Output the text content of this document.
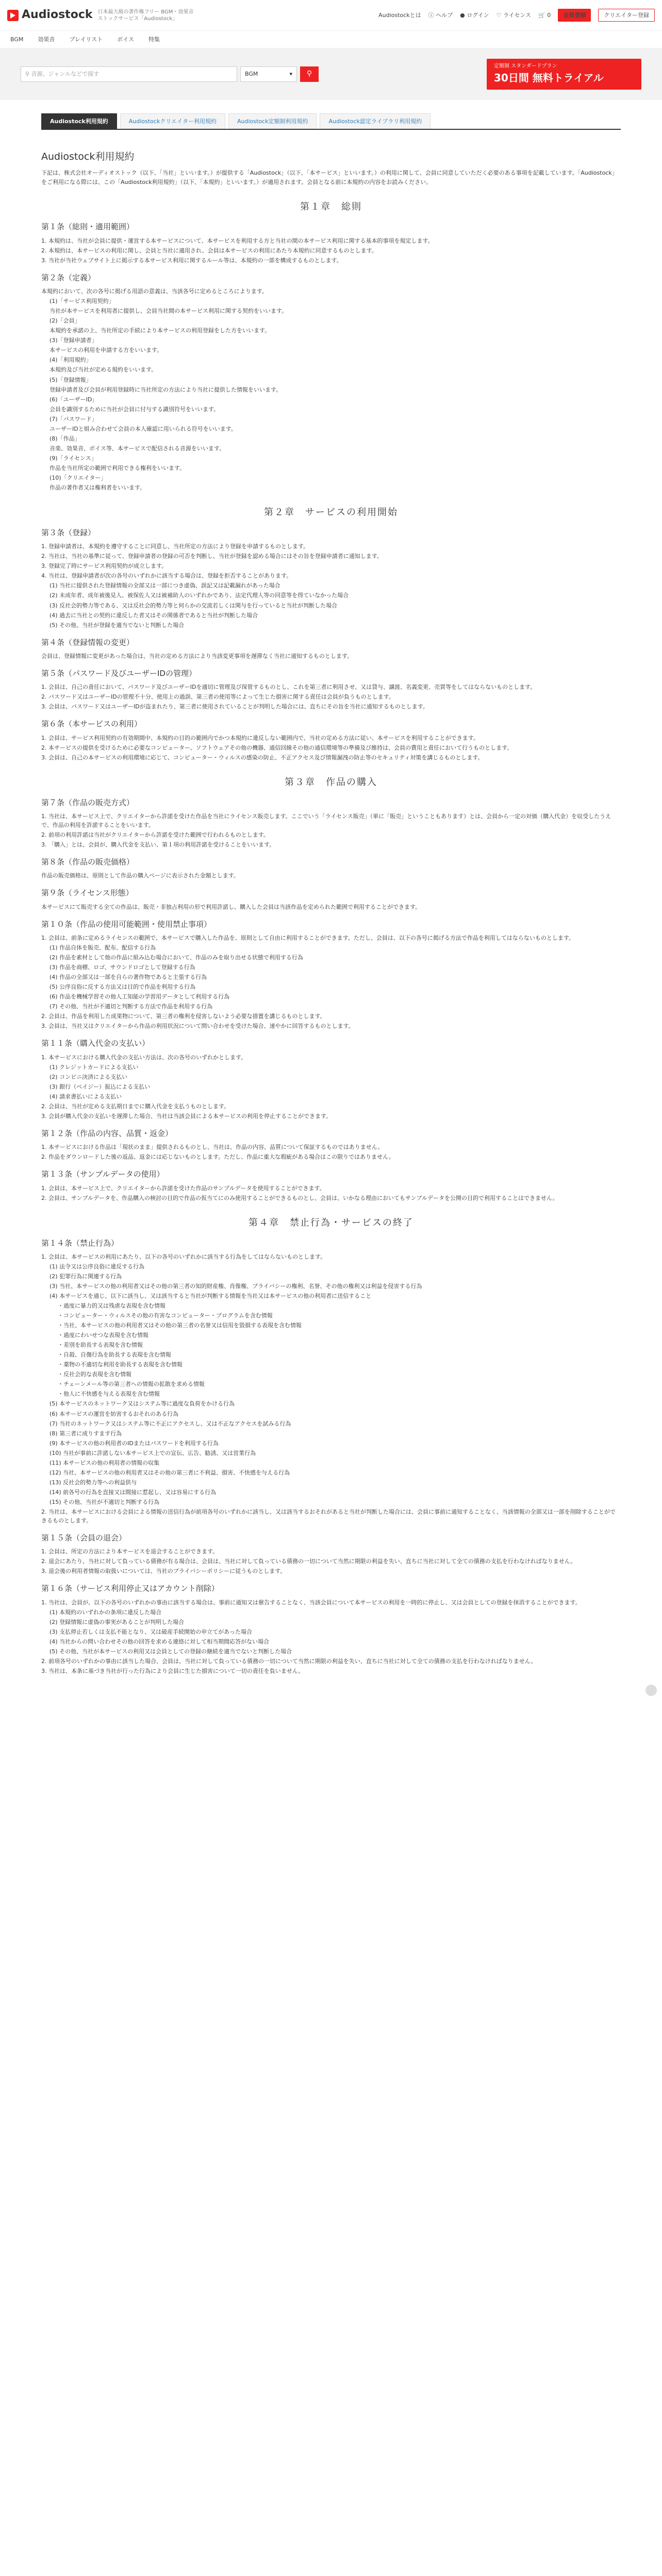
Audiostock 日本最大級の著作権フリー BGM・効果音
ストックサービス「Audiostock」
Audiostockとは ⓘ ヘルプ ● ログイン ♡ ライセンス 🛒 0	会員登録	クリエイター登録
BGM	効果音	プレイリスト	ボイス	特集
⚲ 音源、ジャンルなどで探す	BGM	▾ ⚲
定額制 スタンダードプラン
30日間 無料トライアル
Audiostock利用規約	Audiostockクリエイター利用規約	Audiostock定額制利用規約	Audiostock認定ライブラリ利用規約
Audiostock利用規約
下記は、株式会社オーディオストック（以下、「当社」といいます。）が提供する「Audiostock」（以下、「本サービス」といいます。）の利用に関して、会員に同意していただく必要のある事項を記載しています。「Audiostock」をご利用になる際には、この「Audiostock利用規約」（以下、「本規約」といいます。）が適用されます。会員となる前に本規約の内容をお読みください。
第１章　総則
第１条（総則・適用範囲）
1. 本規約は、当社が会員に提供・運営する本サービスについて、本サービスを利用する方と当社の間の本サービス利用に関する基本的事項を規定します。
2. 本規約は、本サービスの利用に関し、会員と当社に適用され、会員は本サービスの利用にあたり本規約に同意するものとします。
3. 当社が当社ウェブサイト上に掲示する本サービス利用に関するルール等は、本規約の一部を構成するものとします。
第２条（定義）
本規約において、次の各号に掲げる用語の意義は、当該各号に定めるところによります。
(1)「サービス利用契約」
当社が本サービスを利用者に提供し、会員当社間の本サービス利用に関する契約をいいます。
(2)「会員」
本規約を承諾の上、当社所定の手続により本サービスの利用登録をした方をいいます。
(3)「登録申請者」
本サービスの利用を申請する方をいいます。
(4)「利用規約」
本規約及び当社が定める規約をいいます。
(5)「登録情報」
登録申請者及び会員が利用登録時に当社所定の方法により当社に提供した情報をいいます。
(6)「ユーザーID」
会員を識別するために当社が会員に付与する識別符号をいいます。
(7)「パスワード」
ユーザーIDと組み合わせて会員の本人確認に用いられる符号をいいます。
(8)「作品」
音楽、効果音、ボイス等、本サービスで配信される音源をいいます。
(9)「ライセンス」
作品を当社所定の範囲で利用できる権利をいいます。
(10)「クリエイター」
作品の著作者又は権利者をいいます。
第２章　サービスの利用開始
第３条（登録）
1. 登録申請者は、本規約を遵守することに同意し、当社所定の方法により登録を申請するものとします。
2. 当社は、当社の基準に従って、登録申請者の登録の可否を判断し、当社が登録を認める場合にはその旨を登録申請者に通知します。
3. 登録完了時にサービス利用契約が成立します。
4. 当社は、登録申請者が次の各号のいずれかに該当する場合は、登録を拒否することがあります。
(1) 当社に提供された登録情報の全部又は一部につき虚偽、誤記又は記載漏れがあった場合
(2) 未成年者、成年被後見人、被保佐人又は被補助人のいずれかであり、法定代理人等の同意等を得ていなかった場合
(3) 反社会的勢力等である、又は反社会的勢力等と何らかの交流若しくは関与を行っていると当社が判断した場合
(4) 過去に当社との契約に違反した者又はその関係者であると当社が判断した場合
(5) その他、当社が登録を適当でないと判断した場合
第４条（登録情報の変更）
会員は、登録情報に変更があった場合は、当社の定める方法により当該変更事項を遅滞なく当社に通知するものとします。
第５条（パスワード及びユーザーIDの管理）
1. 会員は、自己の責任において、パスワード及びユーザーIDを適切に管理及び保管するものとし、これを第三者に利用させ、又は貸与、譲渡、名義変更、売買等をしてはならないものとします。
2. パスワード又はユーザーIDの管理不十分、使用上の過誤、第三者の使用等によって生じた損害に関する責任は会員が負うものとします。
3. 会員は、パスワード又はユーザーIDが盗まれたり、第三者に使用されていることが判明した場合には、直ちにその旨を当社に通知するものとします。
第６条（本サービスの利用）
1. 会員は、サービス利用契約の有効期間中、本規約の目的の範囲内でかつ本規約に違反しない範囲内で、当社の定める方法に従い、本サービスを利用することができます。
2. 本サービスの提供を受けるために必要なコンピューター、ソフトウェアその他の機器、通信回線その他の通信環境等の準備及び維持は、会員の費用と責任において行うものとします。
3. 会員は、自己の本サービスの利用環境に応じて、コンピューター・ウィルスの感染の防止、不正アクセス及び情報漏洩の防止等のセキュリティ対策を講じるものとします。
第３章　作品の購入
第７条（作品の販売方式）
1. 当社は、本サービス上で、クリエイターから許諾を受けた作品を当社にライセンス販売します。ここでいう「ライセンス販売」（単に「販売」ということもあります）とは、会員から一定の対価（購入代金）を収受したうえで、作品の利用を許諾することをいいます。
2. 前項の利用許諾は当社がクリエイターから許諾を受けた範囲で行われるものとします。
3. 「購入」とは、会員が、購入代金を支払い、第１項の利用許諾を受けることをいいます。
第８条（作品の販売価格）
作品の販売価格は、原則として作品の購入ページに表示された金額とします。
第９条（ライセンス形態）
本サービスにて販売する全ての作品は、販売・非独占利用の形で利用許諾し、購入した会員は当該作品を定められた範囲で利用することができます。
第１０条（作品の使用可能範囲・使用禁止事項）
1. 会員は、前条に定めるライセンスの範囲で、本サービスで購入した作品を、原則として自由に利用することができます。ただし、会員は、以下の各号に掲げる方法で作品を利用してはならないものとします。
(1) 作品自体を販売、配布、配信する行為
(2) 作品を素材として他の作品に組み込む場合において、作品のみを取り出せる状態で利用する行為
(3) 作品を商標、ロゴ、サウンドロゴとして登録する行為
(4) 作品の全部又は一部を自らの著作物であると主張する行為
(5) 公序良俗に反する方法又は目的で作品を利用する行為
(6) 作品を機械学習その他人工知能の学習用データとして利用する行為
(7) その他、当社が不適切と判断する方法で作品を利用する行為
2. 会員は、作品を利用した成果物について、第三者の権利を侵害しないよう必要な措置を講じるものとします。
3. 会員は、当社又はクリエイターから作品の利用状況について問い合わせを受けた場合、速やかに回答するものとします。
第１１条（購入代金の支払い）
1. 本サービスにおける購入代金の支払い方法は、次の各号のいずれかとします。
(1) クレジットカードによる支払い
(2) コンビニ決済による支払い
(3) 銀行（ペイジー）振込による支払い
(4) 請求書払いによる支払い
2. 会員は、当社が定める支払期日までに購入代金を支払うものとします。
3. 会員が購入代金の支払いを遅滞した場合、当社は当該会員による本サービスの利用を停止することができます。
第１２条（作品の内容、品質・返金）
1. 本サービスにおける作品は「現状のまま」提供されるものとし、当社は、作品の内容、品質について保証するものではありません。
2. 作品をダウンロードした後の返品、返金には応じないものとします。ただし、作品に重大な瑕疵がある場合はこの限りではありません。
第１３条（サンプルデータの使用）
1. 会員は、本サービス上で、クリエイターから許諾を受けた作品のサンプルデータを使用することができます。
2. 会員は、サンプルデータを、作品購入の検討の目的で作品の仮当てにのみ使用することができるものとし、会員は、いかなる理由においてもサンプルデータを公開の目的で利用することはできません。
第４章　禁止行為・サービスの終了
第１４条（禁止行為）
1. 会員は、本サービスの利用にあたり、以下の各号のいずれかに該当する行為をしてはならないものとします。
(1) 法令又は公序良俗に違反する行為
(2) 犯罪行為に関連する行為
(3) 当社、本サービスの他の利用者又はその他の第三者の知的財産権、肖像権、プライバシーの権利、名誉、その他の権利又は利益を侵害する行為
(4) 本サービスを通じ、以下に該当し、又は該当すると当社が判断する情報を当社又は本サービスの他の利用者に送信すること
・過度に暴力的又は残虐な表現を含む情報
・コンピューター・ウィルスその他の有害なコンピューター・プログラムを含む情報
・当社、本サービスの他の利用者又はその他の第三者の名誉又は信用を毀損する表現を含む情報
・過度にわいせつな表現を含む情報
・差別を助長する表現を含む情報
・自殺、自傷行為を助長する表現を含む情報
・薬物の不適切な利用を助長する表現を含む情報
・反社会的な表現を含む情報
・チェーンメール等の第三者への情報の拡散を求める情報
・他人に不快感を与える表現を含む情報
(5) 本サービスのネットワーク又はシステム等に過度な負荷をかける行為
(6) 本サービスの運営を妨害するおそれのある行為
(7) 当社のネットワーク又はシステム等に不正にアクセスし、又は不正なアクセスを試みる行為
(8) 第三者に成りすます行為
(9) 本サービスの他の利用者のIDまたはパスワードを利用する行為
(10) 当社が事前に許諾しない本サービス上での宣伝、広告、勧誘、又は営業行為
(11) 本サービスの他の利用者の情報の収集
(12) 当社、本サービスの他の利用者又はその他の第三者に不利益、損害、不快感を与える行為
(13) 反社会的勢力等への利益供与
(14) 前各号の行為を直接又は間接に惹起し、又は容易にする行為
(15) その他、当社が不適切と判断する行為
2. 当社は、本サービスにおける会員による情報の送信行為が前項各号のいずれかに該当し、又は該当するおそれがあると当社が判断した場合には、会員に事前に通知することなく、当該情報の全部又は一部を削除することができるものとします。
第１５条（会員の退会）
1. 会員は、所定の方法により本サービスを退会することができます。
2. 退会にあたり、当社に対して負っている債務が有る場合は、会員は、当社に対して負っている債務の一切について当然に期限の利益を失い、直ちに当社に対して全ての債務の支払を行わなければなりません。
3. 退会後の利用者情報の取扱いについては、当社のプライバシーポリシーに従うものとします。
第１６条（サービス利用停止又はアカウント削除）
1. 当社は、会員が、以下の各号のいずれかの事由に該当する場合は、事前に通知又は催告することなく、当該会員について本サービスの利用を一時的に停止し、又は会員としての登録を抹消することができます。
(1) 本規約のいずれかの条項に違反した場合
(2) 登録情報に虚偽の事実があることが判明した場合
(3) 支払停止若しくは支払不能となり、又は破産手続開始の申立てがあった場合
(4) 当社からの問い合わせその他の回答を求める連絡に対して相当期間応答がない場合
(5) その他、当社が本サービスの利用又は会員としての登録の継続を適当でないと判断した場合
2. 前項各号のいずれかの事由に該当した場合、会員は、当社に対して負っている債務の一切について当然に期限の利益を失い、直ちに当社に対して全ての債務の支払を行わなければなりません。
3. 当社は、本条に基づき当社が行った行為により会員に生じた損害について一切の責任を負いません。
